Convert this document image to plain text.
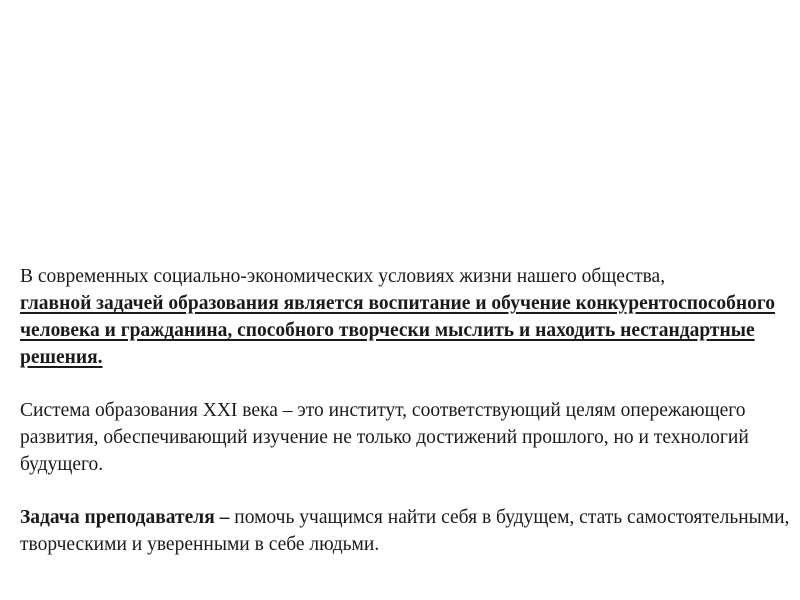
В современных социально-экономических условиях жизни нашего общества,
главной задачей образования является воспитание и обучение конкурентоспособного человека и гражданина, способного творчески мыслить и находить нестандартные решения.

Система образования XXI века – это институт, соответствующий целям опережающего развития, обеспечивающий изучение не только достижений прошлого, но и технологий будущего.

Задача преподавателя – помочь учащимся найти себя в будущем, стать самостоятельными, творческими и уверенными в себе людьми.
